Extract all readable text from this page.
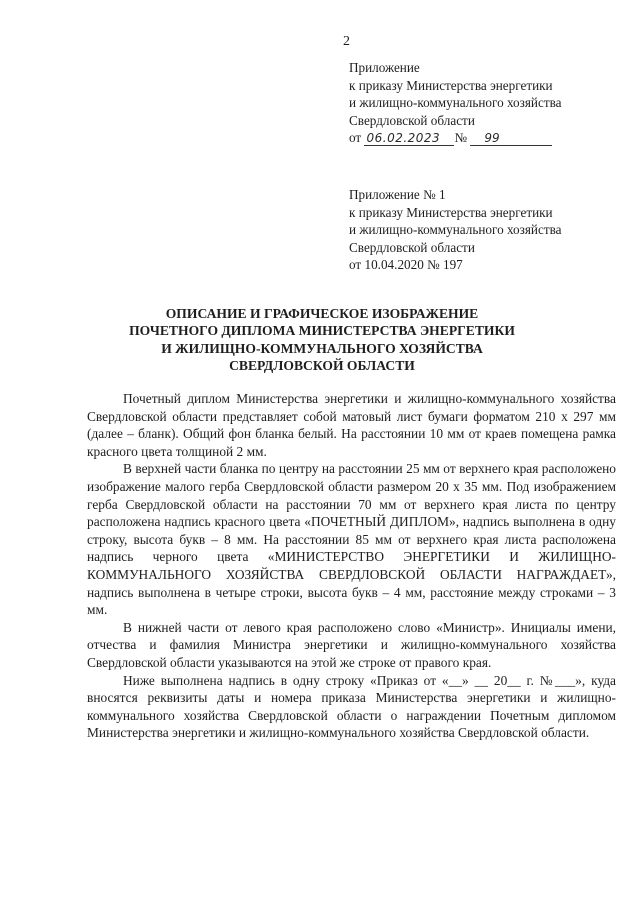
2
Приложение
к приказу Министерства энергетики
и жилищно-коммунального хозяйства
Свердловской области
от 06.02.2023 № 99
Приложение № 1
к приказу Министерства энергетики
и жилищно-коммунального хозяйства
Свердловской области
от 10.04.2020 № 197
ОПИСАНИЕ И ГРАФИЧЕСКОЕ ИЗОБРАЖЕНИЕ
ПОЧЕТНОГО ДИПЛОМА МИНИСТЕРСТВА ЭНЕРГЕТИКИ
И ЖИЛИЩНО-КОММУНАЛЬНОГО ХОЗЯЙСТВА
СВЕРДЛОВСКОЙ ОБЛАСТИ

Почетный диплом Министерства энергетики и жилищно-коммунального хозяйства Свердловской области представляет собой матовый лист бумаги форматом 210 х 297 мм (далее – бланк). Общий фон бланка белый. На расстоянии 10 мм от краев помещена рамка красного цвета толщиной 2 мм.

В верхней части бланка по центру на расстоянии 25 мм от верхнего края расположено изображение малого герба Свердловской области размером 20 х 35 мм. Под изображением герба Свердловской области на расстоянии 70 мм от верхнего края листа по центру расположена надпись красного цвета «ПОЧЕТНЫЙ ДИПЛОМ», надпись выполнена в одну строку, высота букв – 8 мм. На расстоянии 85 мм от верхнего края листа расположена надпись черного цвета «МИНИСТЕРСТВО ЭНЕРГЕТИКИ И ЖИЛИЩНО-КОММУНАЛЬНОГО ХОЗЯЙСТВА СВЕРДЛОВСКОЙ ОБЛАСТИ НАГРАЖДАЕТ», надпись выполнена в четыре строки, высота букв – 4 мм, расстояние между строками – 3 мм.

В нижней части от левого края расположено слово «Министр». Инициалы имени, отчества и фамилия Министра энергетики и жилищно-коммунального хозяйства Свердловской области указываются на этой же строке от правого края.

Ниже выполнена надпись в одну строку «Приказ от «__» __ 20__ г. №___», куда вносятся реквизиты даты и номера приказа Министерства энергетики и жилищно-коммунального хозяйства Свердловской области о награждении Почетным дипломом Министерства энергетики и жилищно-коммунального хозяйства Свердловской области.
